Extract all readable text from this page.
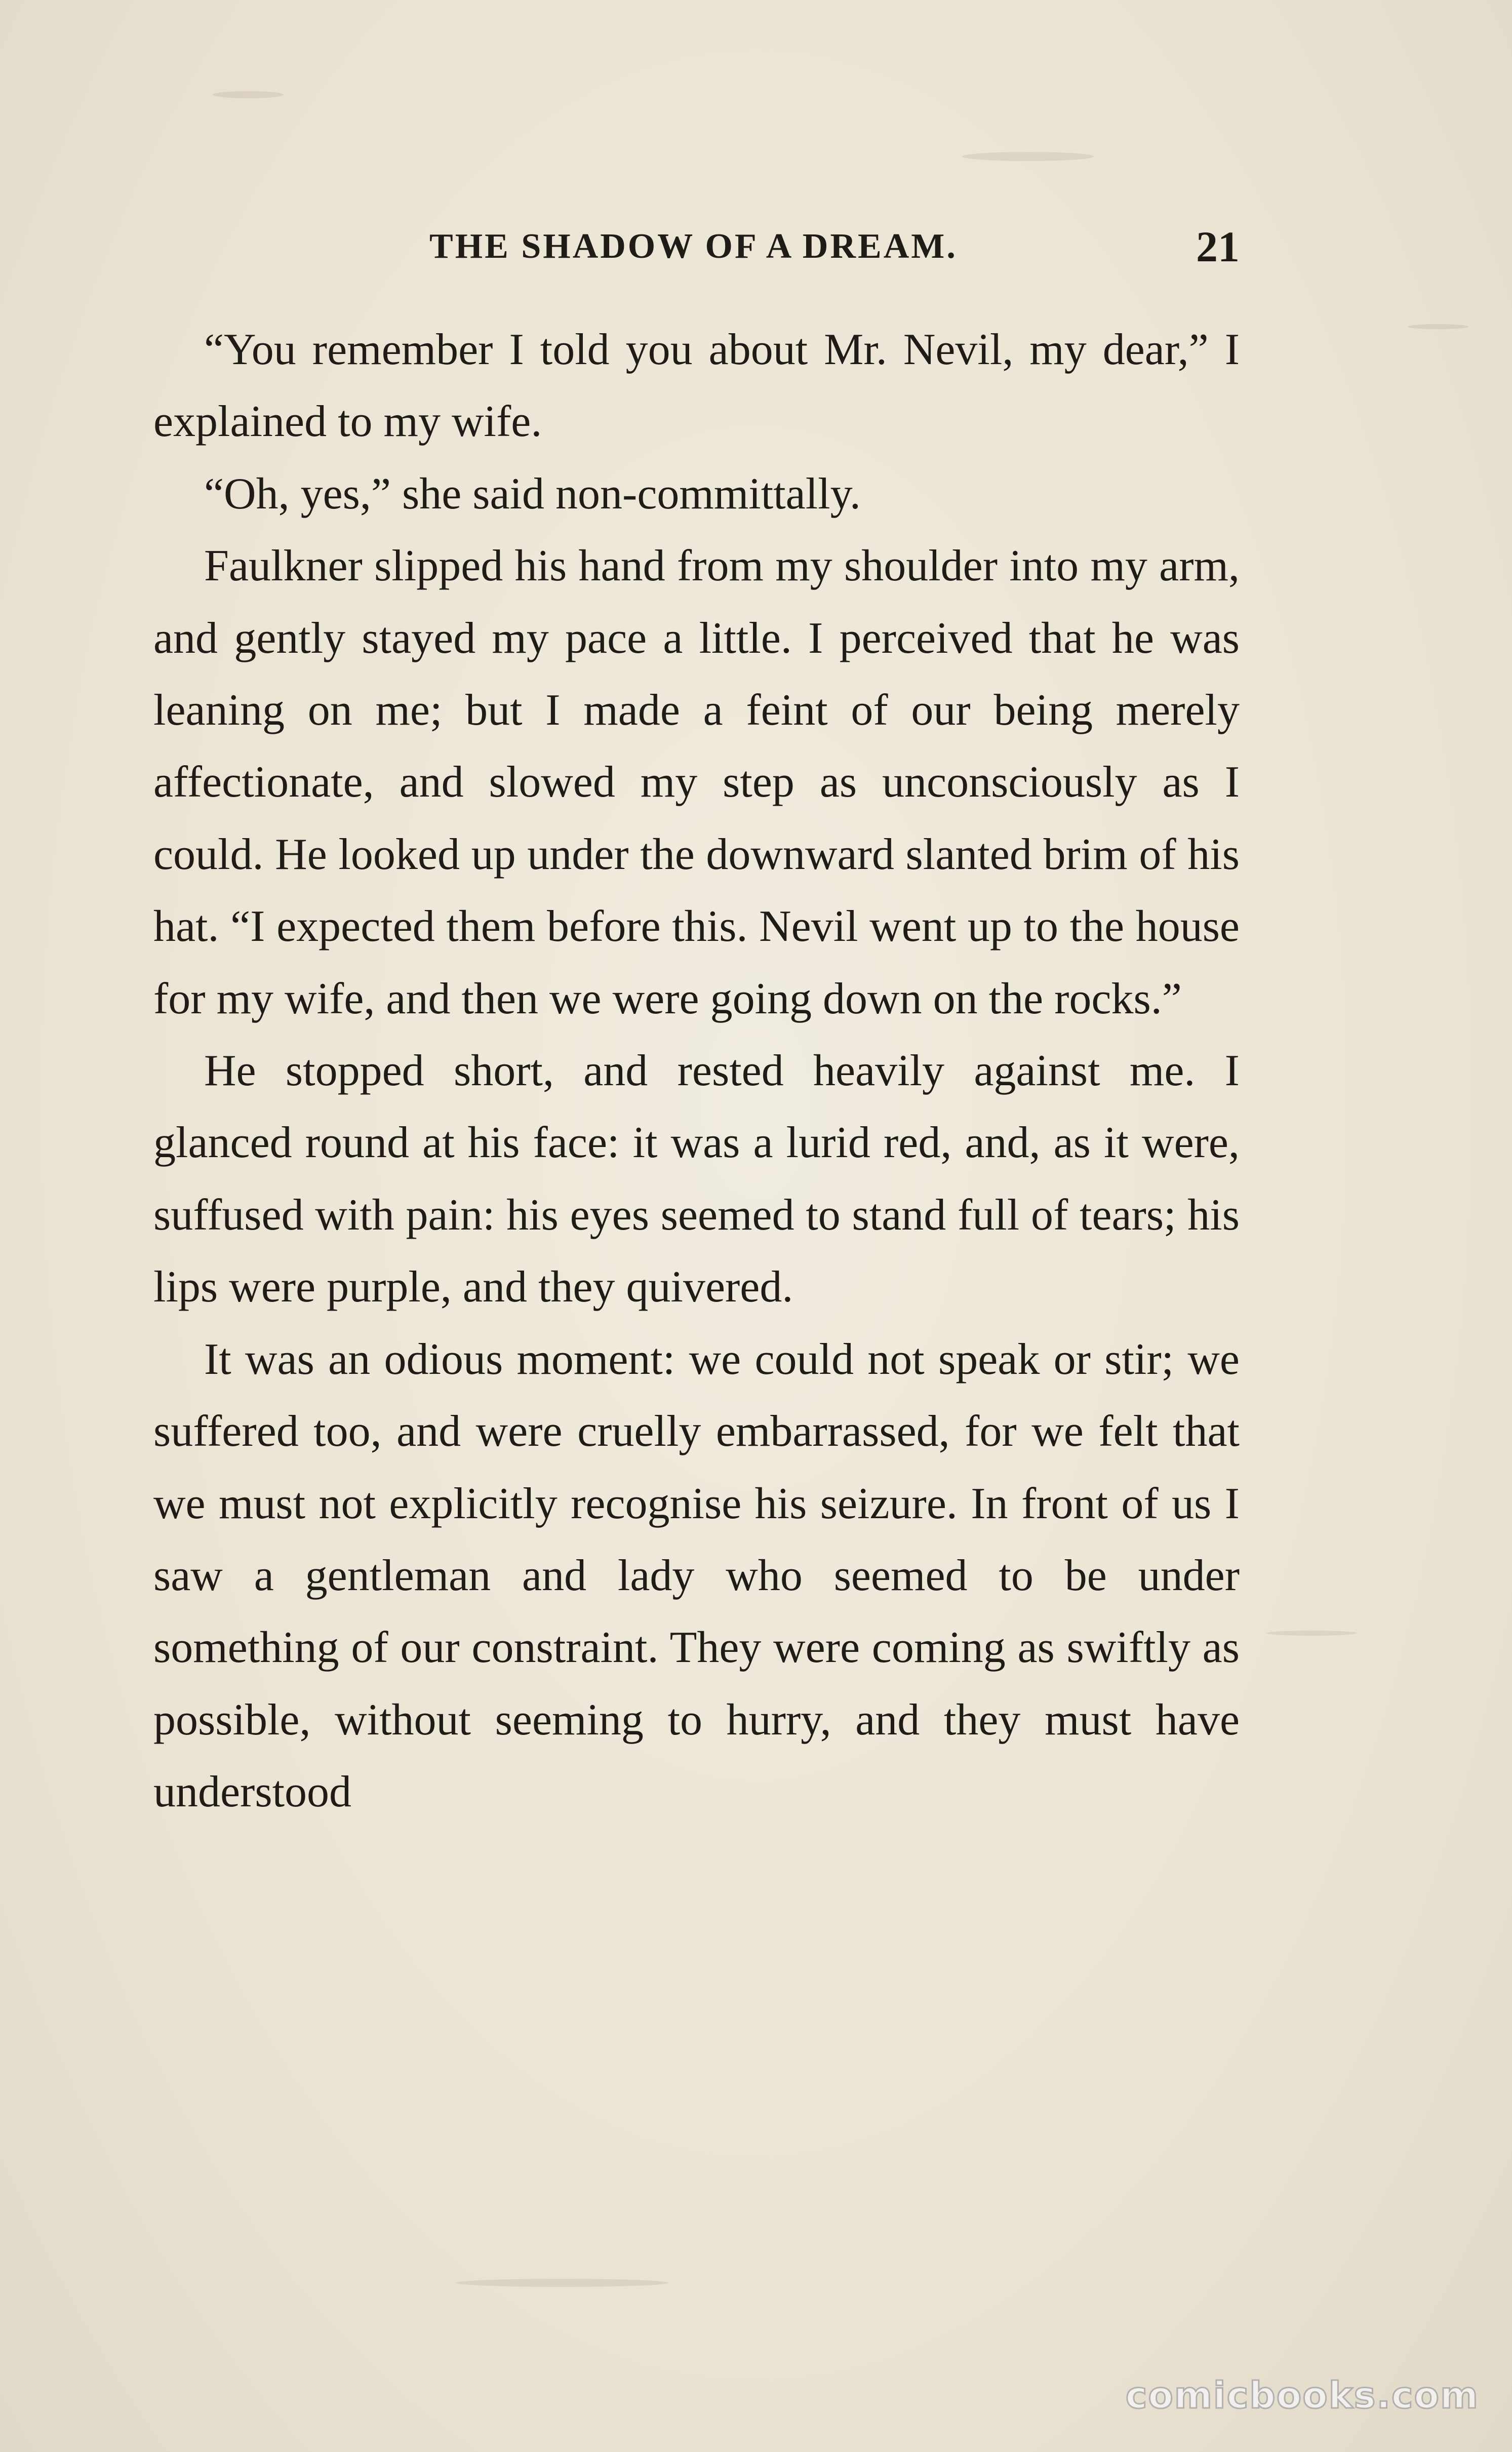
THE SHADOW OF A DREAM.	21

“You remember I told you about Mr. Nevil, my dear,” I explained to my wife.

“Oh, yes,” she said non-committally.

Faulkner slipped his hand from my shoulder into my arm, and gently stayed my pace a little. I perceived that he was leaning on me; but I made a feint of our being merely affectionate, and slowed my step as unconsciously as I could. He looked up under the downward slanted brim of his hat. “I expected them before this. Nevil went up to the house for my wife, and then we were going down on the rocks.”

He stopped short, and rested heavily against me. I glanced round at his face: it was a lurid red, and, as it were, suffused with pain: his eyes seemed to stand full of tears; his lips were purple, and they quivered.

It was an odious moment: we could not speak or stir; we suffered too, and were cruelly embarrassed, for we felt that we must not explicitly recognise his seizure. In front of us I saw a gentleman and lady who seemed to be under something of our constraint. They were coming as swiftly as possible, without seeming to hurry, and they must have understood

comicbooks.com
